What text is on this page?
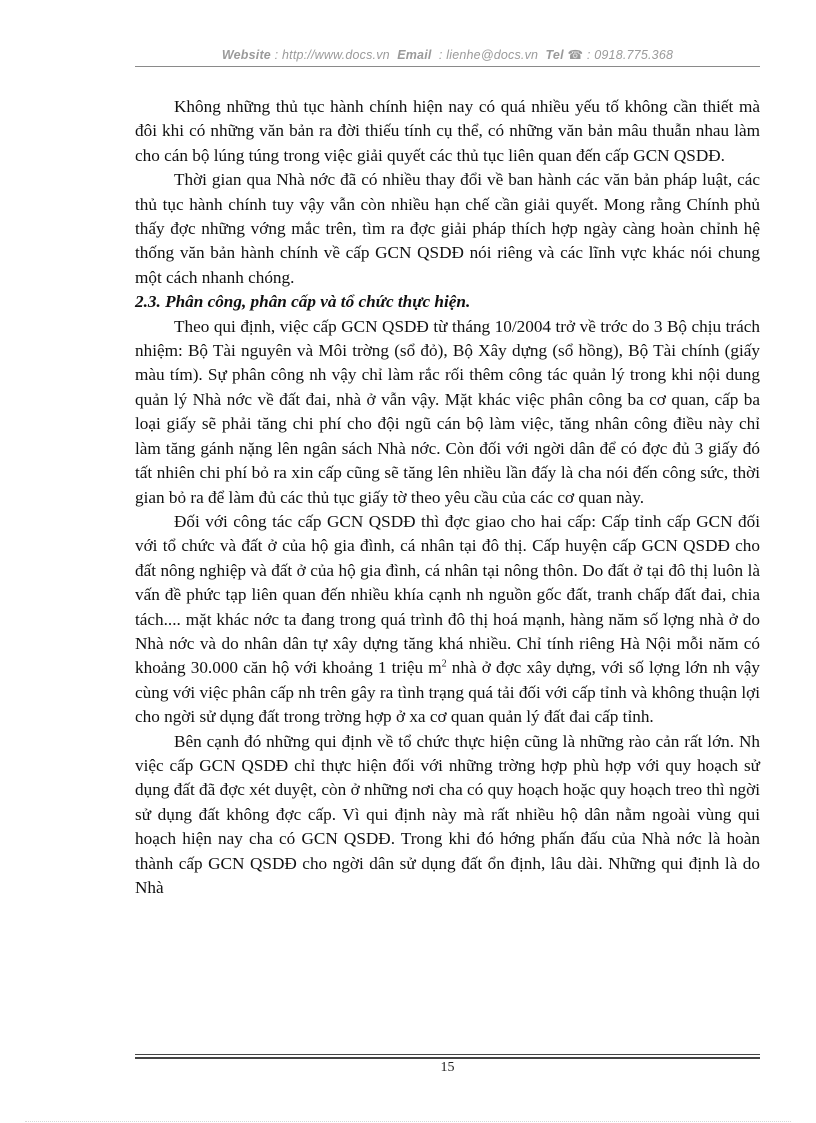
Website : http://www.docs.vn Email : lienhe@docs.vn Tel ☎ : 0918.775.368

Không những thủ tục hành chính hiện nay có quá nhiều yếu tố không cần thiết mà đôi khi có những văn bản ra đời thiếu tính cụ thể, có những văn bản mâu thuẫn nhau làm cho cán bộ lúng túng trong việc giải quyết các thủ tục liên quan đến cấp GCN QSDĐ.

Thời gian qua Nhà nớc đã có nhiều thay đổi về ban hành các văn bản pháp luật, các thủ tục hành chính tuy vậy vẫn còn nhiều hạn chế cần giải quyết. Mong rằng Chính phủ thấy đợc những vớng mắc trên, tìm ra đợc giải pháp thích hợp ngày càng hoàn chỉnh hệ thống văn bản hành chính về cấp GCN QSDĐ nói riêng và các lĩnh vực khác nói chung một cách nhanh chóng.

2.3. Phân công, phân cấp và tổ chức thực hiện.

Theo qui định, việc cấp GCN QSDĐ từ tháng 10/2004 trở về trớc do 3 Bộ chịu trách nhiệm: Bộ Tài nguyên và Môi trờng (sổ đỏ), Bộ Xây dựng (sổ hồng), Bộ Tài chính (giấy màu tím). Sự phân công nh vậy chỉ làm rắc rối thêm công tác quản lý trong khi nội dung quản lý Nhà nớc về đất đai, nhà ở vẫn vậy. Mặt khác việc phân công ba cơ quan, cấp ba loại giấy sẽ phải tăng chi phí cho đội ngũ cán bộ làm việc, tăng nhân công điều này chỉ làm tăng gánh nặng lên ngân sách Nhà nớc. Còn đối với ngời dân để có đợc đủ 3 giấy đó tất nhiên chi phí bỏ ra xin cấp cũng sẽ tăng lên nhiều lần đấy là cha nói đến công sức, thời gian bỏ ra để làm đủ các thủ tục giấy tờ theo yêu cầu của các cơ quan này.

Đối với công tác cấp GCN QSDĐ thì đợc giao cho hai cấp: Cấp tỉnh cấp GCN đối với tổ chức và đất ở của hộ gia đình, cá nhân tại đô thị. Cấp huyện cấp GCN QSDĐ cho đất nông nghiệp và đất ở của hộ gia đình, cá nhân tại nông thôn. Do đất ở tại đô thị luôn là vấn đề phức tạp liên quan đến nhiều khía cạnh nh nguồn gốc đất, tranh chấp đất đai, chia tách.... mặt khác nớc ta đang trong quá trình đô thị hoá mạnh, hàng năm số lợng nhà ở do Nhà nớc và do nhân dân tự xây dựng tăng khá nhiều. Chỉ tính riêng Hà Nội mỗi năm có khoảng 30.000 căn hộ với khoảng 1 triệu $m^2$ nhà ở đợc xây dựng, với số lợng lớn nh vậy cùng với việc phân cấp nh trên gây ra tình trạng quá tải đối với cấp tỉnh và không thuận lợi cho ngời sử dụng đất trong trờng hợp ở xa cơ quan quản lý đất đai cấp tỉnh.

Bên cạnh đó những qui định về tổ chức thực hiện cũng là những rào cản rất lớn. Nh việc cấp GCN QSDĐ chỉ thực hiện đối với những trờng hợp phù hợp với quy hoạch sử dụng đất đã đợc xét duyệt, còn ở những nơi cha có quy hoạch hoặc quy hoạch treo thì ngời sử dụng đất không đợc cấp. Vì qui định này mà rất nhiều hộ dân nằm ngoài vùng qui hoạch hiện nay cha có GCN QSDĐ. Trong khi đó hớng phấn đấu của Nhà nớc là hoàn thành cấp GCN QSDĐ cho ngời dân sử dụng đất ổn định, lâu dài. Những qui định là do Nhà

15
